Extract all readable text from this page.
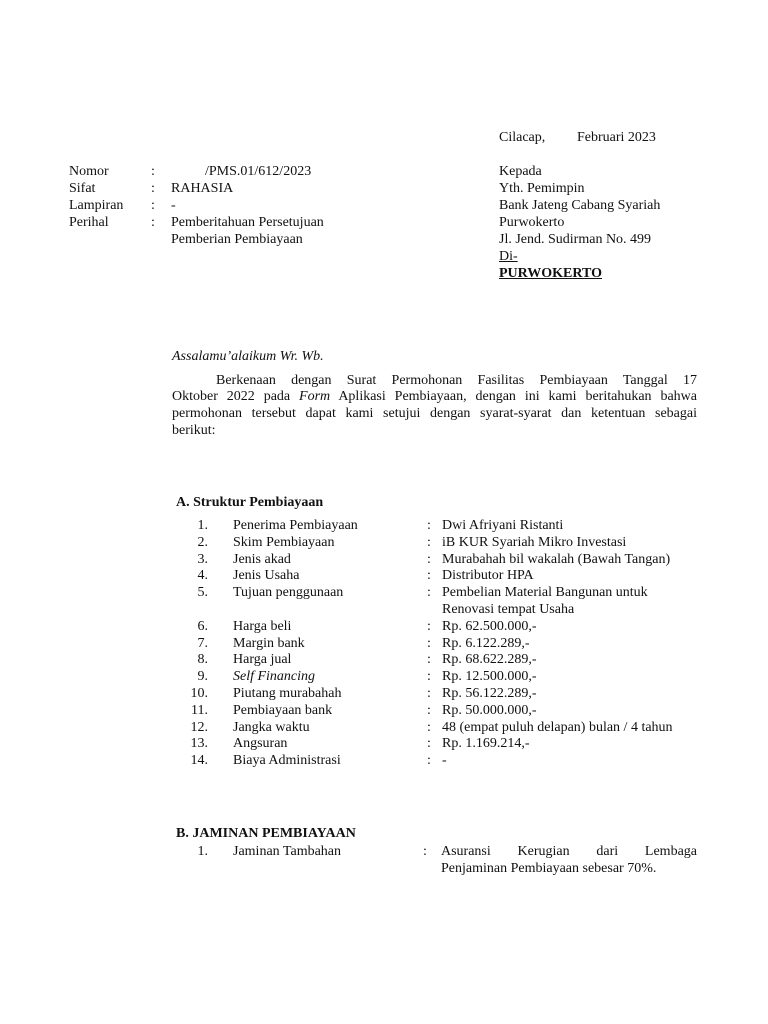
Cilacap, Februari 2023
Nomor	:	/PMS.01/612/2023
Sifat	: RAHASIA
Lampiran : -
Perihal	: Pemberitahuan Persetujuan
Pemberian Pembiayaan
Kepada
Yth. Pemimpin
Bank Jateng Cabang Syariah
Purwokerto
Jl. Jend. Sudirman No. 499
Di-
PURWOKERTO
Assalamu’alaikum Wr. Wb.
Berkenaan dengan Surat Permohonan Fasilitas Pembiayaan Tanggal 17
Oktober 2022 pada Form Aplikasi Pembiayaan, dengan ini kami beritahukan bahwa
permohonan tersebut dapat kami setujui dengan syarat-syarat dan ketentuan sebagai
berikut:
A. Struktur Pembiayaan
1. Penerima Pembiayaan	: Dwi Afriyani Ristanti
2. Skim Pembiayaan	: iB KUR Syariah Mikro Investasi
3. Jenis akad	: Murabahah bil wakalah (Bawah Tangan)
4. Jenis Usaha	: Distributor HPA
5. Tujuan penggunaan	: Pembelian Material Bangunan untuk
Renovasi tempat Usaha
6. Harga beli	: Rp. 62.500.000,-
7. Margin bank	: Rp. 6.122.289,-
8. Harga jual	: Rp. 68.622.289,-
9. Self Financing	: Rp. 12.500.000,-
10. Piutang murabahah	: Rp. 56.122.289,-
11. Pembiayaan bank	: Rp. 50.000.000,-
12. Jangka waktu	: 48 (empat puluh delapan) bulan / 4 tahun
13. Angsuran	: Rp. 1.169.214,-
14. Biaya Administrasi	: -
B. JAMINAN PEMBIAYAAN
1. Jaminan Tambahan	: Asuransi Kerugian dari Lembaga
Penjaminan Pembiayaan sebesar 70%.
